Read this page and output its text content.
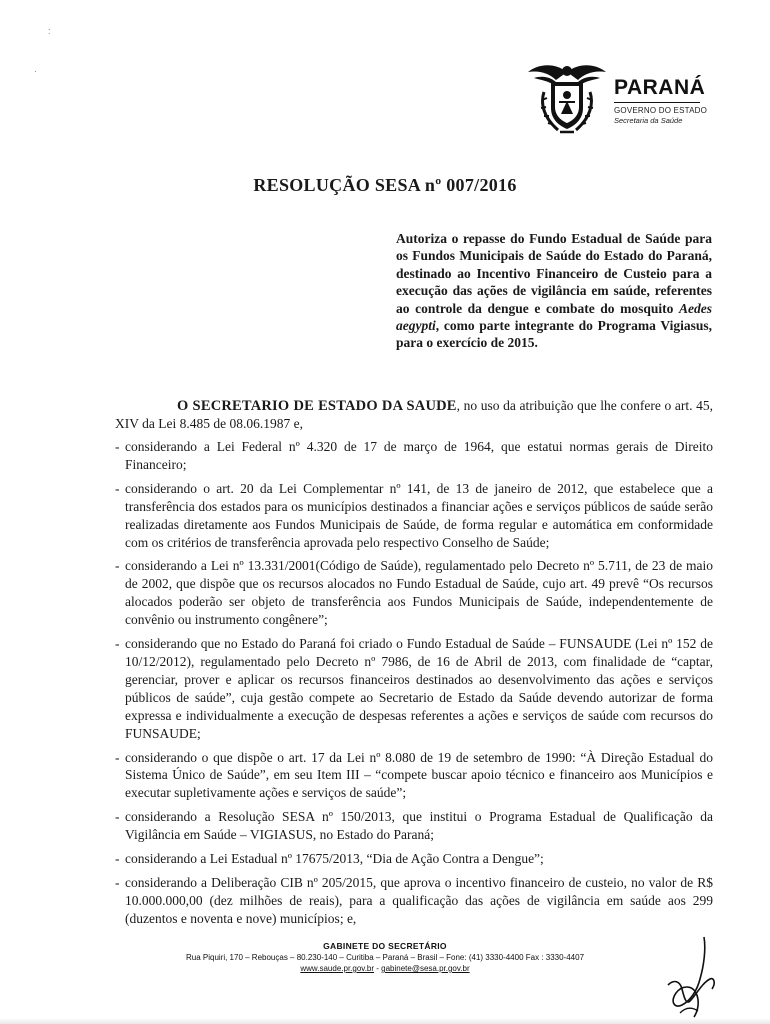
:
·
PARANÁ
GOVERNO DO ESTADO
Secretaria da Saúde
RESOLUÇÃO SESA nº 007/2016
Autoriza o repasse do Fundo Estadual de Saúde para os Fundos Municipais de Saúde do Estado do Paraná, destinado ao Incentivo Financeiro de Custeio para a execução das ações de vigilância em saúde, referentes ao controle da dengue e combate do mosquito Aedes aegypti, como parte integrante do Programa Vigiasus, para o exercício de 2015.
O SECRETARIO DE ESTADO DA SAUDE, no uso da atribuição que lhe confere o art. 45, XIV da Lei 8.485 de 08.06.1987 e,

- considerando a Lei Federal nº 4.320 de 17 de março de 1964, que estatui normas gerais de Direito Financeiro;

- considerando o art. 20 da Lei Complementar nº 141, de 13 de janeiro de 2012, que estabelece que a transferência dos estados para os municípios destinados a financiar ações e serviços públicos de saúde serão realizadas diretamente aos Fundos Municipais de Saúde, de forma regular e automática em conformidade com os critérios de transferência aprovada pelo respectivo Conselho de Saúde;

- considerando a Lei nº 13.331/2001(Código de Saúde), regulamentado pelo Decreto nº 5.711, de 23 de maio de 2002, que dispõe que os recursos alocados no Fundo Estadual de Saúde, cujo art. 49 prevê “Os recursos alocados poderão ser objeto de transferência aos Fundos Municipais de Saúde, independentemente de convênio ou instrumento congênere”;

- considerando que no Estado do Paraná foi criado o Fundo Estadual de Saúde – FUNSAUDE (Lei nº 152 de 10/12/2012), regulamentado pelo Decreto nº 7986, de 16 de Abril de 2013, com finalidade de “captar, gerenciar, prover e aplicar os recursos financeiros destinados ao desenvolvimento das ações e serviços públicos de saúde”, cuja gestão compete ao Secretario de Estado da Saúde devendo autorizar de forma expressa e individualmente a execução de despesas referentes a ações e serviços de saúde com recursos do FUNSAUDE;

- considerando o que dispõe o art. 17 da Lei nº 8.080 de 19 de setembro de 1990: “À Direção Estadual do Sistema Único de Saúde”, em seu Item III – “compete buscar apoio técnico e financeiro aos Municípios e executar supletivamente ações e serviços de saúde”;

- considerando a Resolução SESA nº 150/2013, que institui o Programa Estadual de Qualificação da Vigilância em Saúde – VIGIASUS, no Estado do Paraná;

- considerando a Lei Estadual nº 17675/2013, “Dia de Ação Contra a Dengue”;

- considerando a Deliberação CIB nº 205/2015, que aprova o incentivo financeiro de custeio, no valor de R$ 10.000.000,00 (dez milhões de reais), para a qualificação das ações de vigilância em saúde aos 299 (duzentos e noventa e nove) municípios; e,

GABINETE DO SECRETÁRIO
Rua Piquiri, 170 – Rebouças – 80.230-140 – Curitiba – Paraná – Brasil – Fone: (41) 3330-4400 Fax : 3330-4407
www.saude.pr.gov.br - gabinete@sesa.pr.gov.br
